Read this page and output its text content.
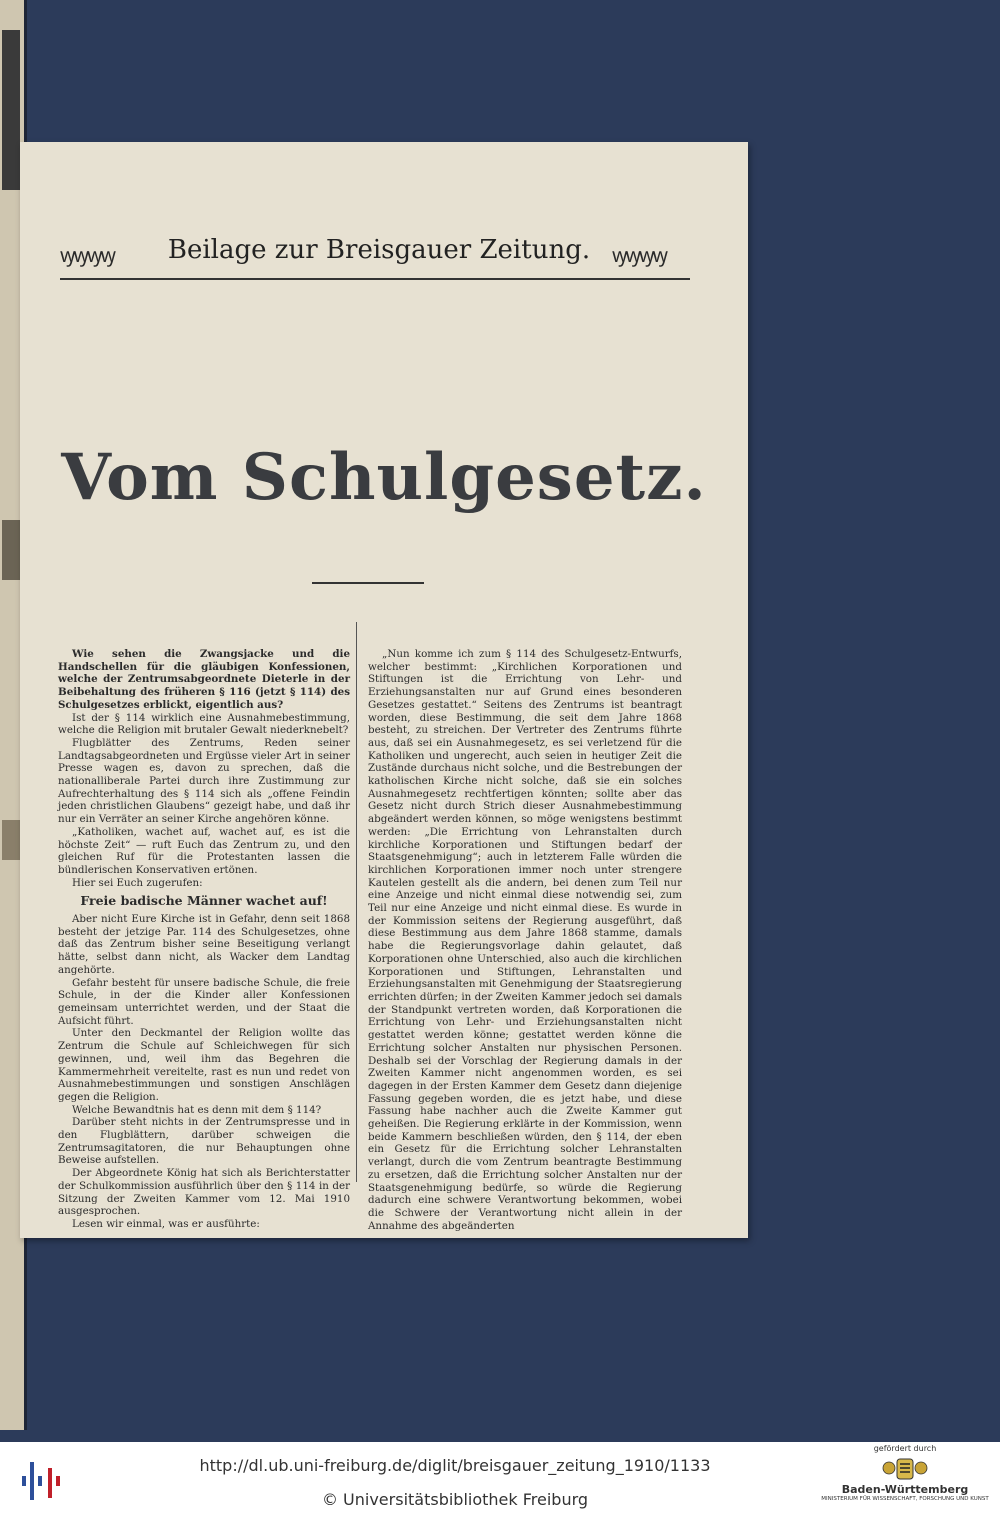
ꝡꝡꝡꝡ	Beilage zur Breisgauer Zeitung.	ꝡꝡꝡꝡ
Vom Schulgesetz.

Wie sehen die Zwangsjacke und die Handschellen für die gläubigen Konfessionen, welche der Zentrumsabgeordnete Dieterle in der Beibehaltung des früheren § 116 (jetzt § 114) des Schulgesetzes erblickt, eigentlich aus?

Ist der § 114 wirklich eine Ausnahmebestimmung, welche die Religion mit brutaler Gewalt niederknebelt?

Flugblätter des Zentrums, Reden seiner Landtagsabgeordneten und Ergüsse vieler Art in seiner Presse wagen es, davon zu sprechen, daß die nationalliberale Partei durch ihre Zustimmung zur Aufrechterhaltung des § 114 sich als „offene Feindin jeden christlichen Glaubens“ gezeigt habe, und daß ihr nur ein Verräter an seiner Kirche angehören könne.

„Katholiken, wachet auf, wachet auf, es ist die höchste Zeit“ — ruft Euch das Zentrum zu, und den gleichen Ruf für die Protestanten lassen die bündlerischen Konservativen ertönen.

Hier sei Euch zugerufen:

Freie badische Männer wachet auf!

Aber nicht Eure Kirche ist in Gefahr, denn seit 1868 besteht der jetzige Par. 114 des Schulgesetzes, ohne daß das Zentrum bisher seine Beseitigung verlangt hätte, selbst dann nicht, als Wacker dem Landtag angehörte.

Gefahr besteht für unsere badische Schule, die freie Schule, in der die Kinder aller Konfessionen gemeinsam unterrichtet werden, und der Staat die Aufsicht führt.

Unter den Deckmantel der Religion wollte das Zentrum die Schule auf Schleichwegen für sich gewinnen, und, weil ihm das Begehren die Kammermehrheit vereitelte, rast es nun und redet von Ausnahmebestimmungen und sonstigen Anschlägen gegen die Religion.

Welche Bewandtnis hat es denn mit dem § 114?

Darüber steht nichts in der Zentrumspresse und in den Flugblättern, darüber schweigen die Zentrumsagitatoren, die nur Behauptungen ohne Beweise aufstellen.

Der Abgeordnete König hat sich als Berichterstatter der Schulkommission ausführlich über den § 114 in der Sitzung der Zweiten Kammer vom 12. Mai 1910 ausgesprochen.

Lesen wir einmal, was er ausführte:

„Nun komme ich zum § 114 des Schulgesetz-Entwurfs, welcher bestimmt: „Kirchlichen Korporationen und Stiftungen ist die Errichtung von Lehr- und Erziehungsanstalten nur auf Grund eines besonderen Gesetzes gestattet.“ Seitens des Zentrums ist beantragt worden, diese Bestimmung, die seit dem Jahre 1868 besteht, zu streichen. Der Vertreter des Zentrums führte aus, daß sei ein Ausnahmegesetz, es sei verletzend für die Katholiken und ungerecht, auch seien in heutiger Zeit die Zustände durchaus nicht solche, und die Bestrebungen der katholischen Kirche nicht solche, daß sie ein solches Ausnahmegesetz rechtfertigen könnten; sollte aber das Gesetz nicht durch Strich dieser Ausnahmebestimmung abgeändert werden können, so möge wenigstens bestimmt werden: „Die Errichtung von Lehranstalten durch kirchliche Korporationen und Stiftungen bedarf der Staatsgenehmigung“; auch in letzterem Falle würden die kirchlichen Korporationen immer noch unter strengere Kautelen gestellt als die andern, bei denen zum Teil nur eine Anzeige und nicht einmal diese notwendig sei, zum Teil nur eine Anzeige und nicht einmal diese. Es wurde in der Kommission seitens der Regierung ausgeführt, daß diese Bestimmung aus dem Jahre 1868 stamme, damals habe die Regierungsvorlage dahin gelautet, daß Korporationen ohne Unterschied, also auch die kirchlichen Korporationen und Stiftungen, Lehranstalten und Erziehungsanstalten mit Genehmigung der Staatsregierung errichten dürfen; in der Zweiten Kammer jedoch sei damals der Standpunkt vertreten worden, daß Korporationen die Errichtung von Lehr- und Erziehungsanstalten nicht gestattet werden könne; gestattet werden könne die Errichtung solcher Anstalten nur physischen Personen. Deshalb sei der Vorschlag der Regierung damals in der Zweiten Kammer nicht angenommen worden, es sei dagegen in der Ersten Kammer dem Gesetz dann diejenige Fassung gegeben worden, die es jetzt habe, und diese Fassung habe nachher auch die Zweite Kammer gut geheißen. Die Regierung erklärte in der Kommission, wenn beide Kammern beschließen würden, den § 114, der eben ein Gesetz für die Errichtung solcher Lehranstalten verlangt, durch die vom Zentrum beantragte Bestimmung zu ersetzen, daß die Errichtung solcher Anstalten nur der Staatsgenehmigung bedürfe, so würde die Regierung dadurch eine schwere Verantwortung bekommen, wobei die Schwere der Verantwortung nicht allein in der Annahme des abgeänderten

http://dl.ub.uni-freiburg.de/diglit/breisgauer_zeitung_1910/1133
© Universitätsbibliothek Freiburg
gefördert durch
Baden-Württemberg
MINISTERIUM FÜR WISSENSCHAFT, FORSCHUNG UND KUNST
